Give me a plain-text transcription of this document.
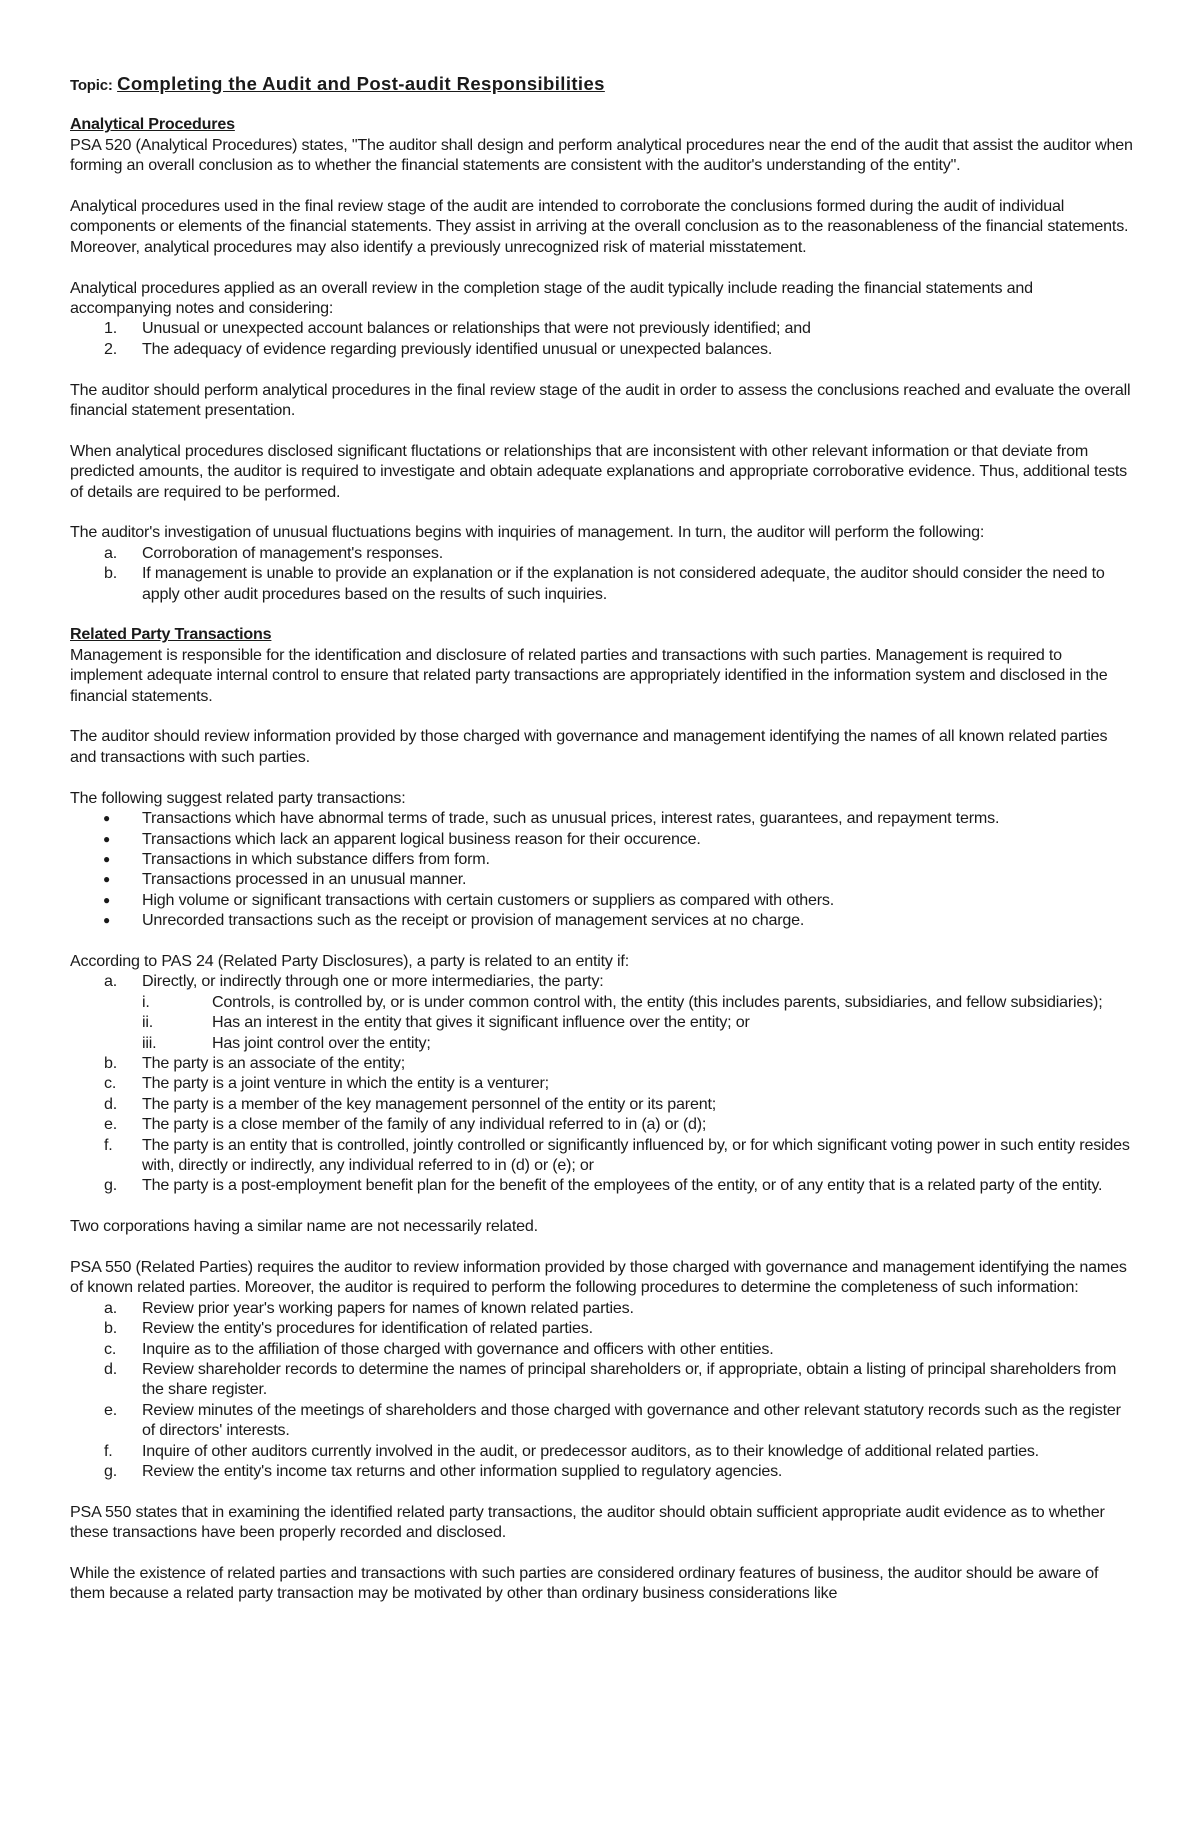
Topic: Completing the Audit and Post-audit Responsibilities
Analytical Procedures

PSA 520 (Analytical Procedures) states, "The auditor shall design and perform analytical procedures near the end of the audit that assist the auditor when forming an overall conclusion as to whether the financial statements are consistent with the auditor's understanding of the entity".

Analytical procedures used in the final review stage of the audit are intended to corroborate the conclusions formed during the audit of individual components or elements of the financial statements. They assist in arriving at the overall conclusion as to the reasonableness of the financial statements. Moreover, analytical procedures may also identify a previously unrecognized risk of material misstatement.

Analytical procedures applied as an overall review in the completion stage of the audit typically include reading the financial statements and accompanying notes and considering:

1. Unusual or unexpected account balances or relationships that were not previously identified; and
2. The adequacy of evidence regarding previously identified unusual or unexpected balances.

The auditor should perform analytical procedures in the final review stage of the audit in order to assess the conclusions reached and evaluate the overall financial statement presentation.

When analytical procedures disclosed significant fluctations or relationships that are inconsistent with other relevant information or that deviate from predicted amounts, the auditor is required to investigate and obtain adequate explanations and appropriate corroborative evidence. Thus, additional tests of details are required to be performed.

The auditor's investigation of unusual fluctuations begins with inquiries of management. In turn, the auditor will perform the following:

a. Corroboration of management's responses.
b. If management is unable to provide an explanation or if the explanation is not considered adequate, the auditor should consider the need to apply other audit procedures based on the results of such inquiries.
Related Party Transactions

Management is responsible for the identification and disclosure of related parties and transactions with such parties. Management is required to implement adequate internal control to ensure that related party transactions are appropriately identified in the information system and disclosed in the financial statements.

The auditor should review information provided by those charged with governance and management identifying the names of all known related parties and transactions with such parties.

The following suggest related party transactions:

● Transactions which have abnormal terms of trade, such as unusual prices, interest rates, guarantees, and repayment terms.
● Transactions which lack an apparent logical business reason for their occurence.
● Transactions in which substance differs from form.
● Transactions processed in an unusual manner.
● High volume or significant transactions with certain customers or suppliers as compared with others.
● Unrecorded transactions such as the receipt or provision of management services at no charge.

According to PAS 24 (Related Party Disclosures), a party is related to an entity if:

a. Directly, or indirectly through one or more intermediaries, the party:
i.	Controls, is controlled by, or is under common control with, the entity (this includes parents, subsidiaries, and fellow subsidiaries);
ii.	Has an interest in the entity that gives it significant influence over the entity; or
iii.	Has joint control over the entity;
b. The party is an associate of the entity;
c. The party is a joint venture in which the entity is a venturer;
d. The party is a member of the key management personnel of the entity or its parent;
e. The party is a close member of the family of any individual referred to in (a) or (d);
f. The party is an entity that is controlled, jointly controlled or significantly influenced by, or for which significant voting power in such entity resides with, directly or indirectly, any individual referred to in (d) or (e); or
g. The party is a post-employment benefit plan for the benefit of the employees of the entity, or of any entity that is a related party of the entity.

Two corporations having a similar name are not necessarily related.

PSA 550 (Related Parties) requires the auditor to review information provided by those charged with governance and management identifying the names of known related parties. Moreover, the auditor is required to perform the following procedures to determine the completeness of such information:

a. Review prior year's working papers for names of known related parties.
b. Review the entity's procedures for identification of related parties.
c. Inquire as to the affiliation of those charged with governance and officers with other entities.
d. Review shareholder records to determine the names of principal shareholders or, if appropriate, obtain a listing of principal shareholders from the share register.
e. Review minutes of the meetings of shareholders and those charged with governance and other relevant statutory records such as the register of directors' interests.
f. Inquire of other auditors currently involved in the audit, or predecessor auditors, as to their knowledge of additional related parties.
g. Review the entity's income tax returns and other information supplied to regulatory agencies.

PSA 550 states that in examining the identified related party transactions, the auditor should obtain sufficient appropriate audit evidence as to whether these transactions have been properly recorded and disclosed.

While the existence of related parties and transactions with such parties are considered ordinary features of business, the auditor should be aware of them because a related party transaction may be motivated by other than ordinary business considerations like
